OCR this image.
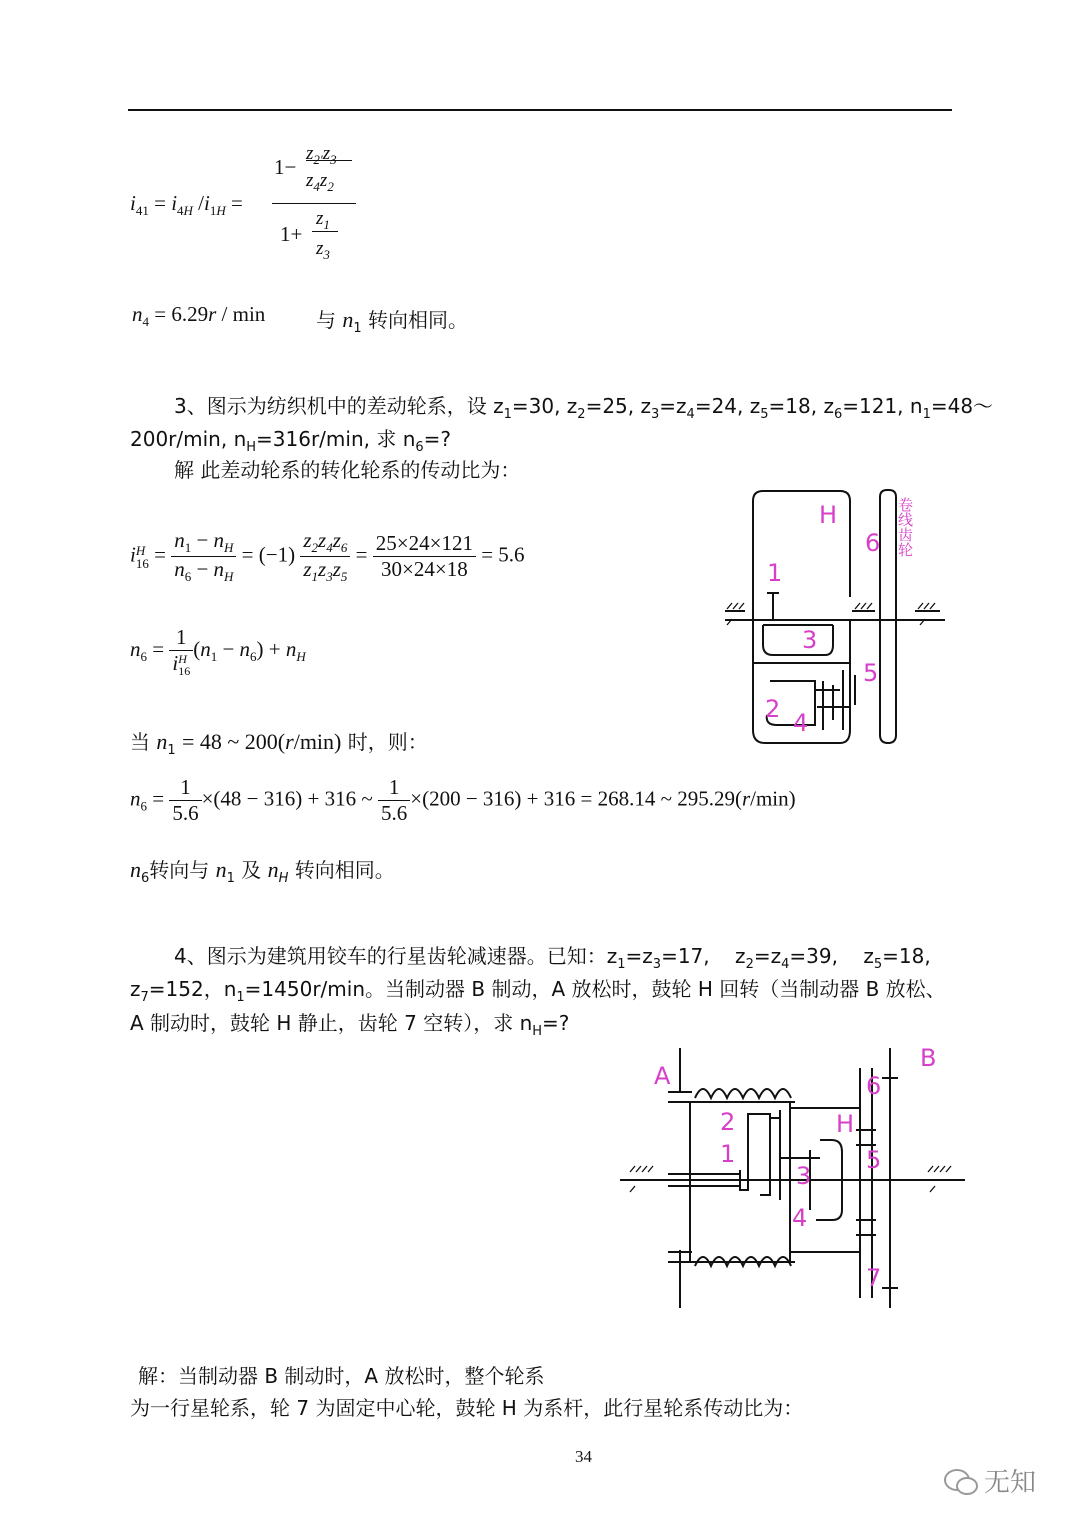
$i_{41} = i_{4H}$ $/i_{1H}$ =
1−
$z_{2'}z_3$
$z_4z_2$
1+
$z_1$
$z_3$
$n_4 = 6.29r / \min$	与 $n_1$ 转向相同。
3、图示为纺织机中的差动轮系，设 $z_1=30$, $z_2=25$, $z_3=z_4=24$, $z_5=18$, $z_6=121$, $n_1=48\sim$
200r/min, $n_H=316r/\min$, 求 $n_6=$?
解 此差动轮系的转化轮系的传动比为：
i H
$16 = \frac{n_1 - n_H}{n_6 - n_H} = (-1) \frac{z_2z_4z_6}{z_1z_3z_5} = \frac{25\times 24\times 121}{30\times 24\times 18} = 5.6$
$n_6 = 1$
i H
16 $(n_1 - n_6) + n_H$
当 $n_1 = 48$ ~ 200(r/min) 时，则：
$n_6 = \frac{1}{5.6} \times(48 - 316) + 316$ ~ $\frac{1}{5.6} \times(200 - 316) + 316 = 268.14$ ~ 295.29(r/min)
$n_6$转向与 $n_1$ 及 $n_H$ 转向相同。
H
6
1
3
5
2 4
卷线齿轮
4、图示为建筑用铰车的行星齿轮减速器。已知：$z_1=z_3=17$,    $z_2=z_4=39$,    $z_5=18$,
$z_7=152$，$n_1=1450r/\min$。当制动器 B 制动，A 放松时，鼓轮 H 回转（当制动器 B 放松、
A 制动时，鼓轮 H 静止，齿轮 7 空转），求 $n_H=$?
A
B
6
2	H
1	5
3
4
7
解：当制动器 B 制动时，A 放松时，整个轮系
为一行星轮系，轮 7 为固定中心轮，鼓轮 H 为系杆，此行星轮系传动比为：
34
无知
